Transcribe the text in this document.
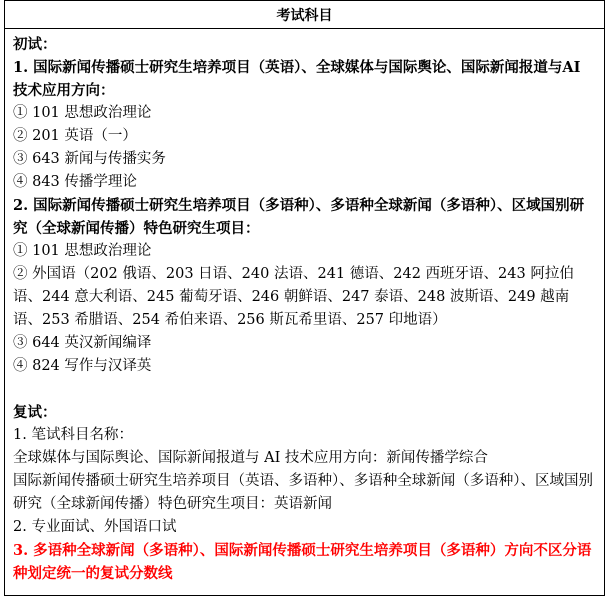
考试科目
初试：
1. 国际新闻传播硕士研究生培养项目（英语）、全球媒体与国际舆论、国际新闻报道与AI 技术应用方向：
① 101 思想政治理论
② 201 英语（一）
③ 643 新闻与传播实务
④ 843 传播学理论
2. 国际新闻传播硕士研究生培养项目（多语种）、多语种全球新闻（多语种）、区域国别研究（全球新闻传播）特色研究生项目：
① 101 思想政治理论
② 外国语（202 俄语、203 日语、240 法语、241 德语、242 西班牙语、243 阿拉伯语、244 意大利语、245 葡萄牙语、246 朝鲜语、247 泰语、248 波斯语、249 越南语、253 希腊语、254 希伯来语、256 斯瓦希里语、257 印地语）
③ 644 英汉新闻编译
④ 824 写作与汉译英
复试：
1. 笔试科目名称：
全球媒体与国际舆论、国际新闻报道与 AI 技术应用方向：新闻传播学综合
国际新闻传播硕士研究生培养项目（英语、多语种）、多语种全球新闻（多语种）、区域国别研究（全球新闻传播）特色研究生项目：英语新闻
2. 专业面试、外国语口试
3. 多语种全球新闻（多语种）、国际新闻传播硕士研究生培养项目（多语种）方向不区分语种划定统一的复试分数线
